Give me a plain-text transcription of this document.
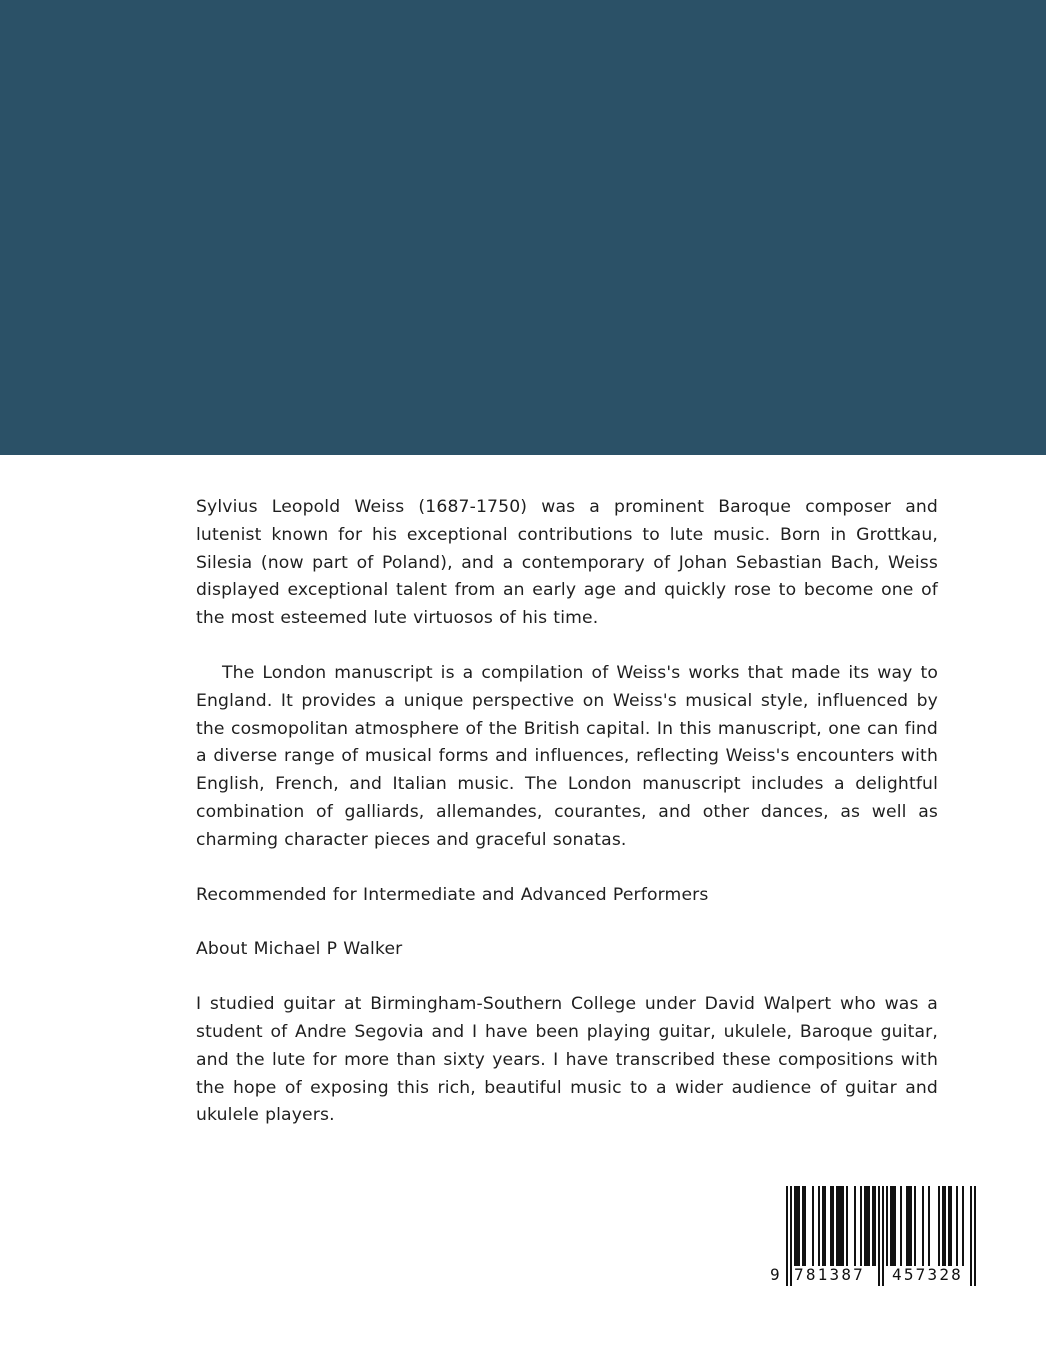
Sylvius Leopold Weiss (1687-1750) was a prominent Baroque composer and lutenist known for his exceptional contributions to lute music. Born in Grottkau, Silesia (now part of Poland), and a contemporary of Johan Sebastian Bach, Weiss displayed exceptional talent from an early age and quickly rose to become one of the most esteemed lute virtuosos of his time.

The London manuscript is a compilation of Weiss's works that made its way to England. It provides a unique perspective on Weiss's musical style, influenced by the cosmopolitan atmosphere of the British capital. In this manuscript, one can find a diverse range of musical forms and influences, reflecting Weiss's encounters with English, French, and Italian music. The London manuscript includes a delightful combination of galliards, allemandes, courantes, and other dances, as well as charming character pieces and graceful sonatas.

Recommended for Intermediate and Advanced Performers

About Michael P Walker

I studied guitar at Birmingham-Southern College under David Walpert who was a student of Andre Segovia and I have been playing guitar, ukulele, Baroque guitar, and the lute for more than sixty years. I have transcribed these compositions with the hope of exposing this rich, beautiful music to a wider audience of guitar and ukulele players.

9 781387 457328
